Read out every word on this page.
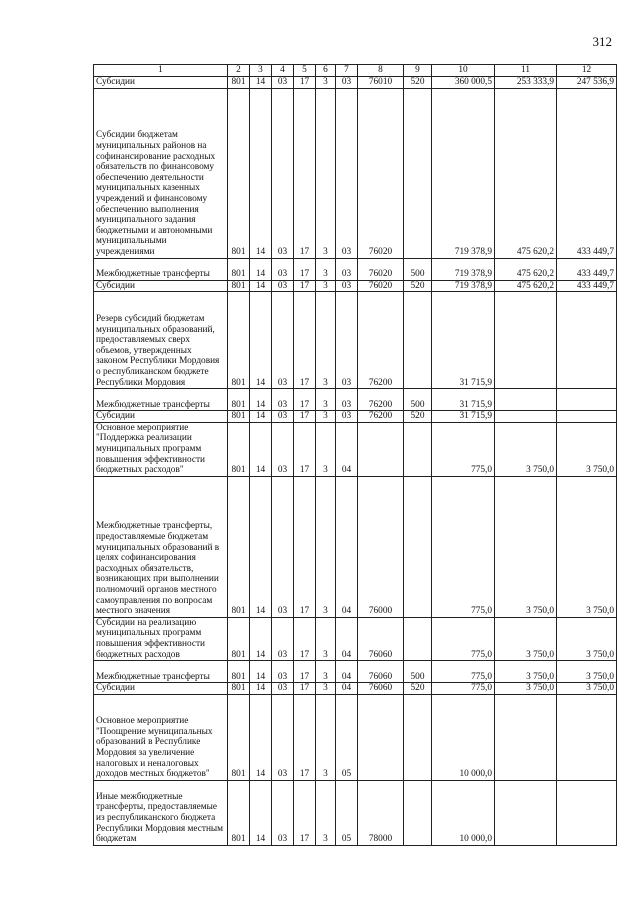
312
1	2	3	4	5	6	7	8	9	10	11	12
Субсидии	801	14	03	17	3	03	76010	520	360 000,5	253 333,9	247 536,9
Субсидии бюджетам муниципальных районов на софинансирование расходных обязательств по финансовому обеспечению деятельности муниципальных казенных учреждений и финансовому обеспечению выполнения муниципального задания бюджетными и автономными муниципальными учреждениями	801	14	03	17	3	03	76020		719 378,9	475 620,2	433 449,7
Межбюджетные трансферты	801	14	03	17	3	03	76020	500	719 378,9	475 620,2	433 449,7
Субсидии	801	14	03	17	3	03	76020	520	719 378,9	475 620,2	433 449,7
Резерв субсидий бюджетам муниципальных образований, предоставляемых сверх объемов, утвержденных законом Республики Мордовия о республиканском бюджете Республики Мордовия	801	14	03	17	3	03	76200		31 715,9		
Межбюджетные трансферты	801	14	03	17	3	03	76200	500	31 715,9		
Субсидии	801	14	03	17	3	03	76200	520	31 715,9		
Основное мероприятие "Поддержка реализации муниципальных программ повышения эффективности бюджетных расходов"	801	14	03	17	3	04			775,0	3 750,0	3 750,0
Межбюджетные трансферты, предоставляемые бюджетам муниципальных образований в целях софинансирования расходных обязательств, возникающих при выполнении полномочий органов местного самоуправления по вопросам местного значения	801	14	03	17	3	04	76000		775,0	3 750,0	3 750,0
Субсидии на реализацию муниципальных программ повышения эффективности бюджетных расходов	801	14	03	17	3	04	76060		775,0	3 750,0	3 750,0
Межбюджетные трансферты	801	14	03	17	3	04	76060	500	775,0	3 750,0	3 750,0
Субсидии	801	14	03	17	3	04	76060	520	775,0	3 750,0	3 750,0
Основное мероприятие "Поощрение муниципальных образований в Республике Мордовия за увеличение налоговых и неналоговых доходов местных бюджетов"	801	14	03	17	3	05			10 000,0		
Иные межбюджетные трансферты, предоставляемые из республиканского бюджета Республики Мордовия местным бюджетам	801	14	03	17	3	05	78000		10 000,0		
